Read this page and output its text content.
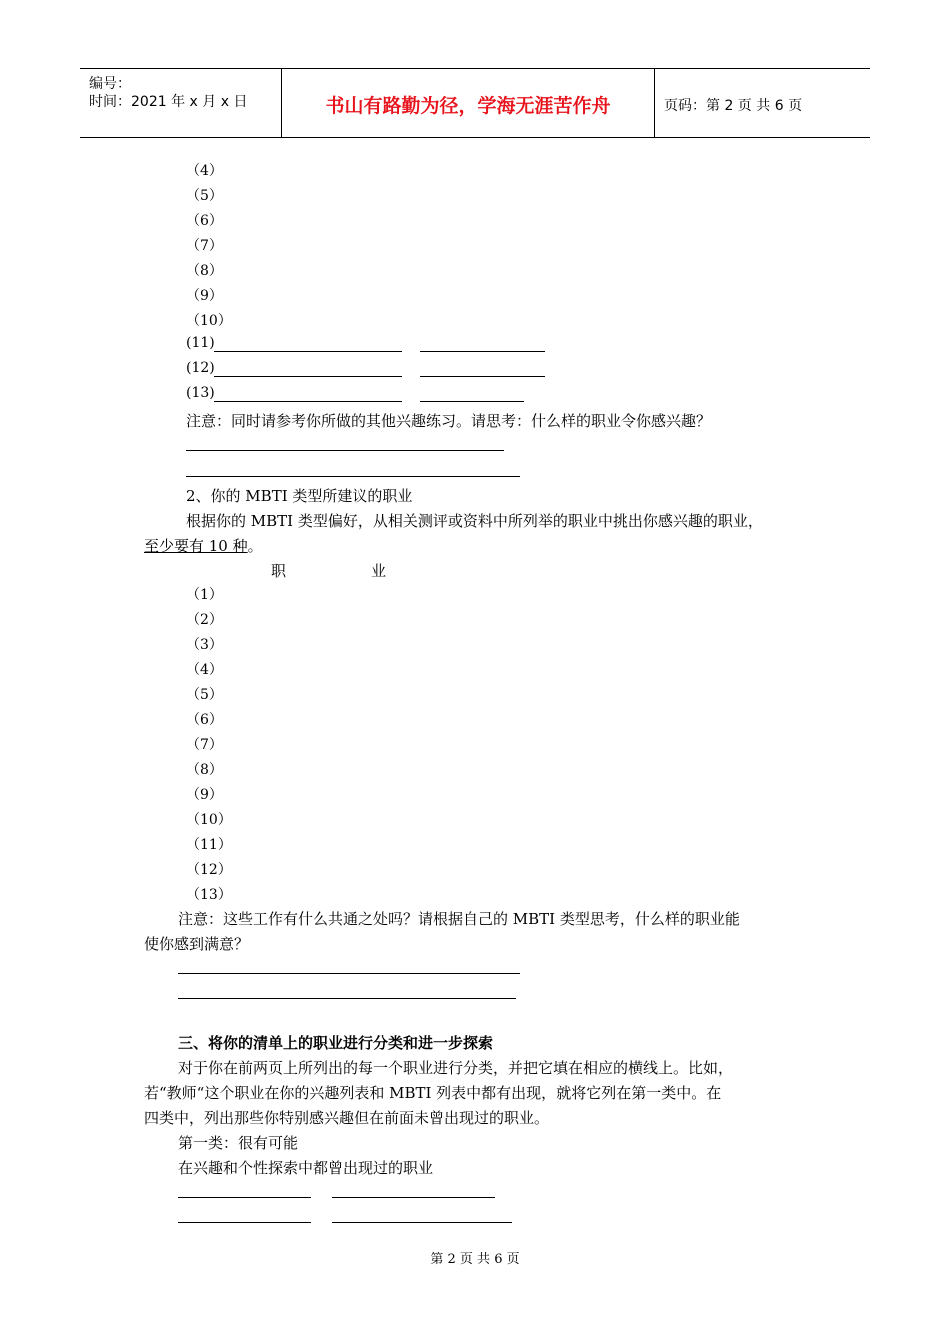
编号：
时间：2021 年 x 月 x 日	书山有路勤为径，学海无涯苦作舟	页码：第 2 页 共 6 页
（4）
（5）
（6）
（7）
（8）
（9）
（10）
(11)
(12)
(13)
注意：同时请参考你所做的其他兴趣练习。请思考：什么样的职业令你感兴趣？
2、你的 MBTI 类型所建议的职业
根据你的 MBTI 类型偏好，从相关测评或资料中所列举的职业中挑出你感兴趣的职业，
至少要有 10 种。
职	业
（1）
（2）
（3）
（4）
（5）
（6）
（7）
（8）
（9）
（10）
（11）
（12）
（13）
注意：这些工作有什么共通之处吗？请根据自己的 MBTI 类型思考，什么样的职业能
使你感到满意？
三、将你的清单上的职业进行分类和进一步探索
对于你在前两页上所列出的每一个职业进行分类，并把它填在相应的横线上。比如，
若“教师“这个职业在你的兴趣列表和 MBTI 列表中都有出现，就将它列在第一类中。在
四类中，列出那些你特别感兴趣但在前面未曾出现过的职业。
第一类：很有可能
在兴趣和个性探索中都曾出现过的职业
第 2 页 共 6 页
